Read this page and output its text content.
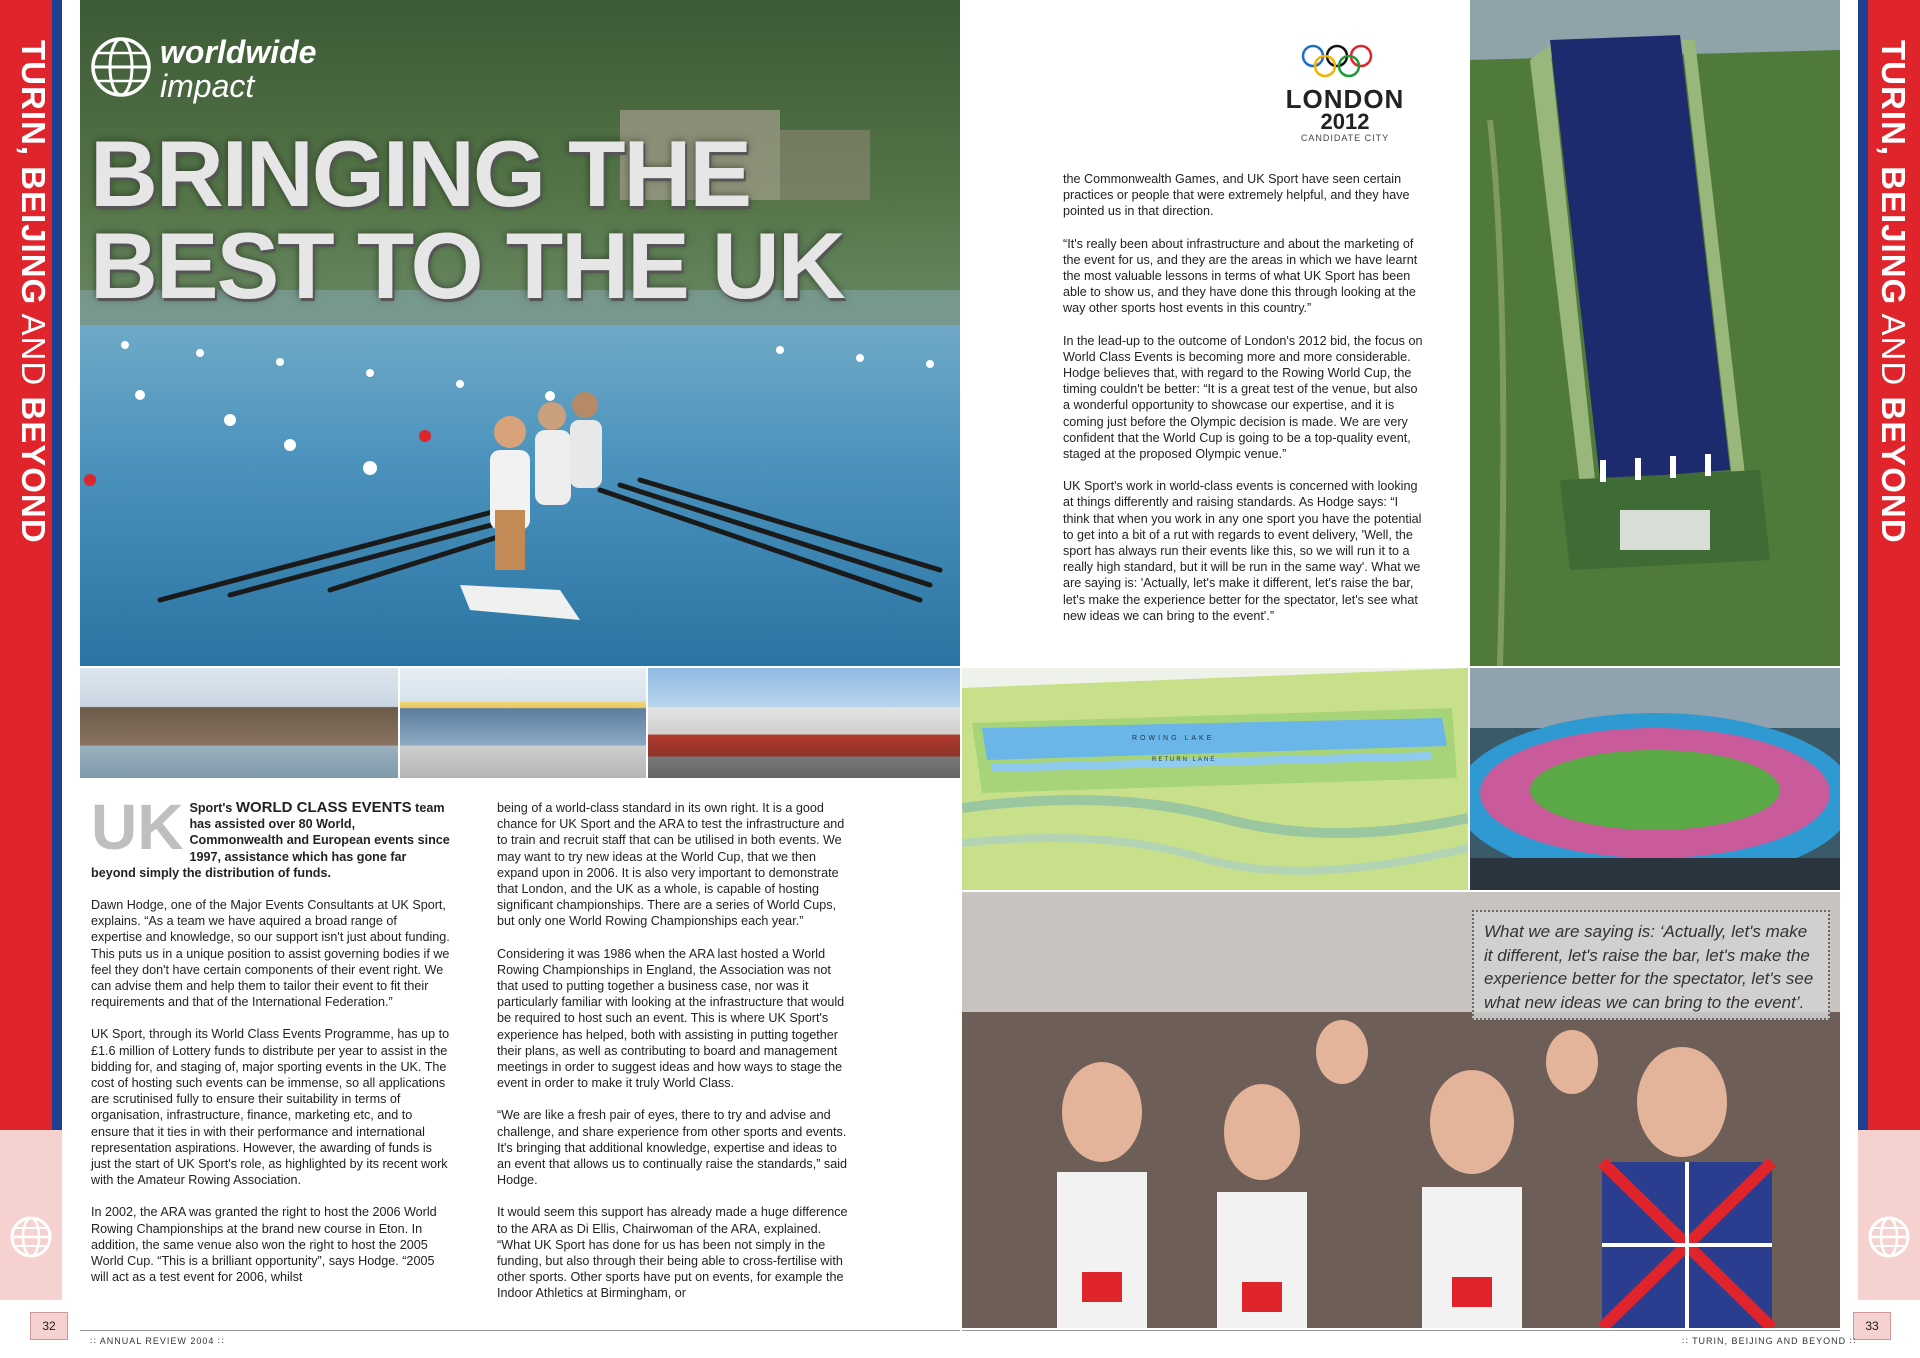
TURIN, BEIJING AND BEYOND
32
TURIN, BEIJING AND BEYOND
33
worldwide
impact
BRINGING THE
BEST TO THE UK
LONDON
2012
CANDIDATE CITY
ROWING LAKE
RETURN LANE
What we are saying is: ‘Actually, let's make it different, let's raise the bar, let's make the experience better for the spectator, let's see what new ideas we can bring to the event’.

UK Sport's WORLD CLASS EVENTS team has assisted over 80 World, Commonwealth and European events since 1997, assistance which has gone far beyond simply the distribution of funds.

Dawn Hodge, one of the Major Events Consultants at UK Sport, explains. “As a team we have aquired a broad range of expertise and knowledge, so our support isn't just about funding. This puts us in a unique position to assist governing bodies if we feel they don't have certain components of their event right. We can advise them and help them to tailor their event to fit their requirements and that of the International Federation.”

UK Sport, through its World Class Events Programme, has up to £1.6 million of Lottery funds to distribute per year to assist in the bidding for, and staging of, major sporting events in the UK. The cost of hosting such events can be immense, so all applications are scrutinised fully to ensure their suitability in terms of organisation, infrastructure, finance, marketing etc, and to ensure that it ties in with their performance and international representation aspirations. However, the awarding of funds is just the start of UK Sport's role, as highlighted by its recent work with the Amateur Rowing Association.

In 2002, the ARA was granted the right to host the 2006 World Rowing Championships at the brand new course in Eton. In addition, the same venue also won the right to host the 2005 World Cup. “This is a brilliant opportunity”, says Hodge. “2005 will act as a test event for 2006, whilst

being of a world-class standard in its own right. It is a good chance for UK Sport and the ARA to test the infrastructure and to train and recruit staff that can be utilised in both events. We may want to try new ideas at the World Cup, that we then expand upon in 2006. It is also very important to demonstrate that London, and the UK as a whole, is capable of hosting significant championships. There are a series of World Cups, but only one World Rowing Championships each year.”

Considering it was 1986 when the ARA last hosted a World Rowing Championships in England, the Association was not that used to putting together a business case, nor was it particularly familiar with looking at the infrastructure that would be required to host such an event. This is where UK Sport's experience has helped, both with assisting in putting together their plans, as well as contributing to board and management meetings in order to suggest ideas and how ways to stage the event in order to make it truly World Class.

“We are like a fresh pair of eyes, there to try and advise and challenge, and share experience from other sports and events. It's bringing that additional knowledge, expertise and ideas to an event that allows us to continually raise the standards,” said Hodge.

It would seem this support has already made a huge difference to the ARA as Di Ellis, Chairwoman of the ARA, explained. “What UK Sport has done for us has been not simply in the funding, but also through their being able to cross-fertilise with other sports. Other sports have put on events, for example the Indoor Athletics at Birmingham, or

the Commonwealth Games, and UK Sport have seen certain practices or people that were extremely helpful, and they have pointed us in that direction.

“It's really been about infrastructure and about the marketing of the event for us, and they are the areas in which we have learnt the most valuable lessons in terms of what UK Sport has been able to show us, and they have done this through looking at the way other sports host events in this country.”

In the lead-up to the outcome of London's 2012 bid, the focus on World Class Events is becoming more and more considerable. Hodge believes that, with regard to the Rowing World Cup, the timing couldn't be better: “It is a great test of the venue, but also a wonderful opportunity to showcase our expertise, and it is coming just before the Olympic decision is made. We are very confident that the World Cup is going to be a top-quality event, staged at the proposed Olympic venue.”

UK Sport's work in world-class events is concerned with looking at things differently and raising standards. As Hodge says: “I think that when you work in any one sport you have the potential to get into a bit of a rut with regards to event delivery, 'Well, the sport has always run their events like this, so we will run it to a really high standard, but it will be run in the same way'. What we are saying is: 'Actually, let's make it different, let's raise the bar, let's make the experience better for the spectator, let's see what new ideas we can bring to the event'.”

∷ ANNUAL REVIEW 2004 ∷	∷ TURIN, BEIJING AND BEYOND ∷
